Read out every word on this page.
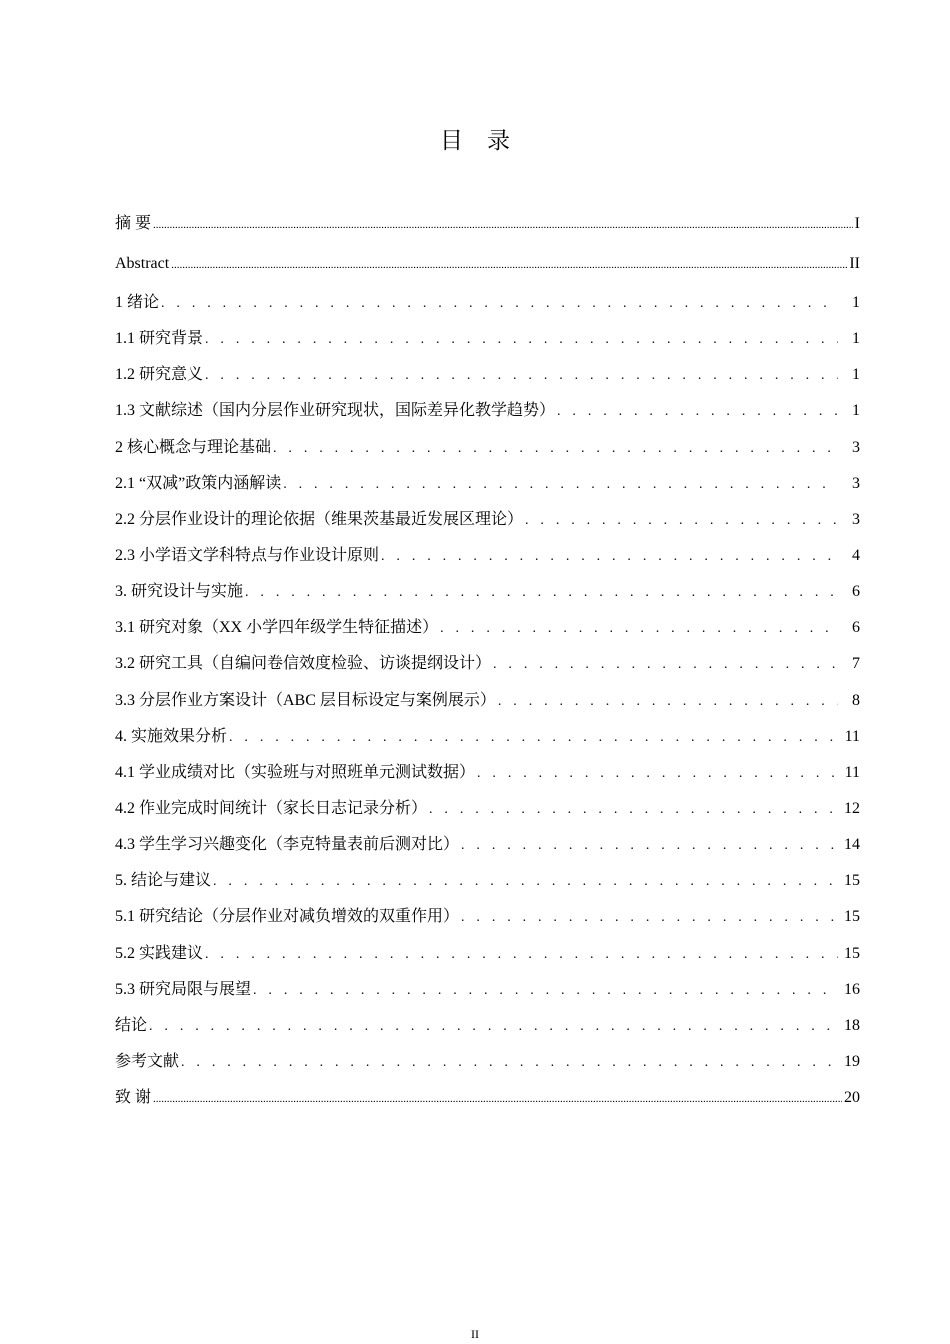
目录
摘 要 .....	I
Abstract .....	II
1 绪论 . . .	1
1.1 研究背景 . . .	1
1.2 研究意义 . . .	1
1.3 文献综述（国内分层作业研究现状，国际差异化教学趋势） . . .	1
2 核心概念与理论基础 . . .	3
2.1 “双减”政策内涵解读 . . .	3
2.2 分层作业设计的理论依据（维果茨基最近发展区理论） . . .	3
2.3 小学语文学科特点与作业设计原则 . . .	4
3. 研究设计与实施 . . .	6
3.1 研究对象（XX 小学四年级学生特征描述） . . .	6
3.2 研究工具（自编问卷信效度检验、访谈提纲设计） . . .	7
3.3 分层作业方案设计（ABC 层目标设定与案例展示） . . .	8
4. 实施效果分析 . . .	11
4.1 学业成绩对比（实验班与对照班单元测试数据） . . .	11
4.2 作业完成时间统计（家长日志记录分析） . . .	12
4.3 学生学习兴趣变化（李克特量表前后测对比） . . .	14
5. 结论与建议 . . .	15
5.1 研究结论（分层作业对减负增效的双重作用） . . .	15
5.2 实践建议 . . .	15
5.3 研究局限与展望 . . .	16
结论 . . .	18
参考文献 . . .	19
致 谢 .....	20
II
